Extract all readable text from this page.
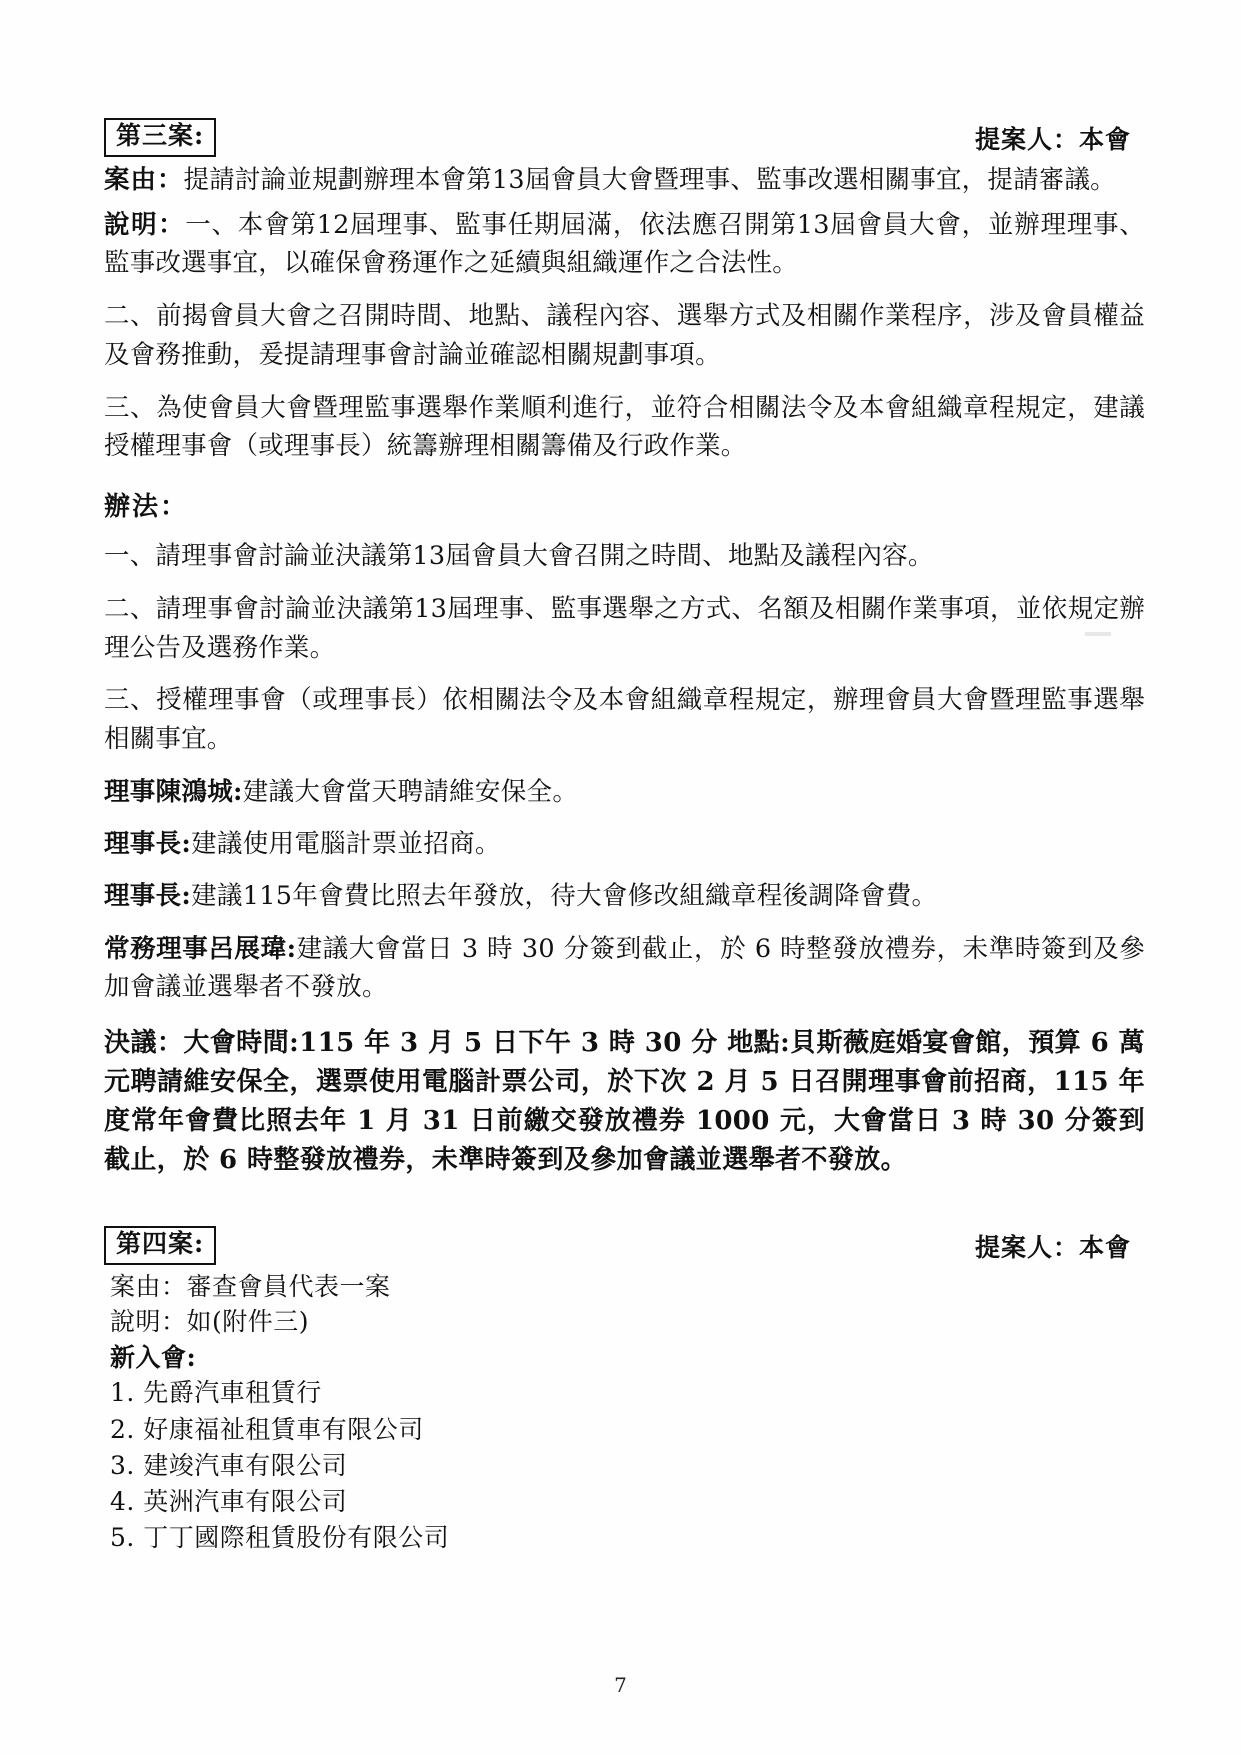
第三案:	提案人：本會

案由：提請討論並規劃辦理本會第13屆會員大會暨理事、監事改選相關事宜，提請審議。

說明：一、本會第12屆理事、監事任期屆滿，依法應召開第13屆會員大會，並辦理理事、監事改選事宜，以確保會務運作之延續與組織運作之合法性。

二、前揭會員大會之召開時間、地點、議程內容、選舉方式及相關作業程序，涉及會員權益及會務推動，爰提請理事會討論並確認相關規劃事項。

三、為使會員大會暨理監事選舉作業順利進行，並符合相關法令及本會組織章程規定，建議授權理事會（或理事長）統籌辦理相關籌備及行政作業。

辦法：

一、請理事會討論並決議第13屆會員大會召開之時間、地點及議程內容。

二、請理事會討論並決議第13屆理事、監事選舉之方式、名額及相關作業事項，並依規定辦理公告及選務作業。

三、授權理事會（或理事長）依相關法令及本會組織章程規定，辦理會員大會暨理監事選舉相關事宜。

理事陳鴻城:建議大會當天聘請維安保全。

理事長:建議使用電腦計票並招商。

理事長:建議115年會費比照去年發放，待大會修改組織章程後調降會費。

常務理事呂展瑋:建議大會當日 3 時 30 分簽到截止，於 6 時整發放禮券，未準時簽到及參加會議並選舉者不發放。

決議：大會時間:115 年 3 月 5 日下午 3 時 30 分 地點:貝斯薇庭婚宴會館，預算 6 萬元聘請維安保全，選票使用電腦計票公司，於下次 2 月 5 日召開理事會前招商，115 年度常年會費比照去年 1 月 31 日前繳交發放禮券 1000 元，大會當日 3 時 30 分簽到截止，於 6 時整發放禮券，未準時簽到及參加會議並選舉者不發放。

第四案:	提案人：本會

案由：審查會員代表一案

說明：如(附件三)

新入會:

1. 先爵汽車租賃行
2. 好康福祉租賃車有限公司
3. 建竣汽車有限公司
4. 英洲汽車有限公司
5. 丁丁國際租賃股份有限公司
7
